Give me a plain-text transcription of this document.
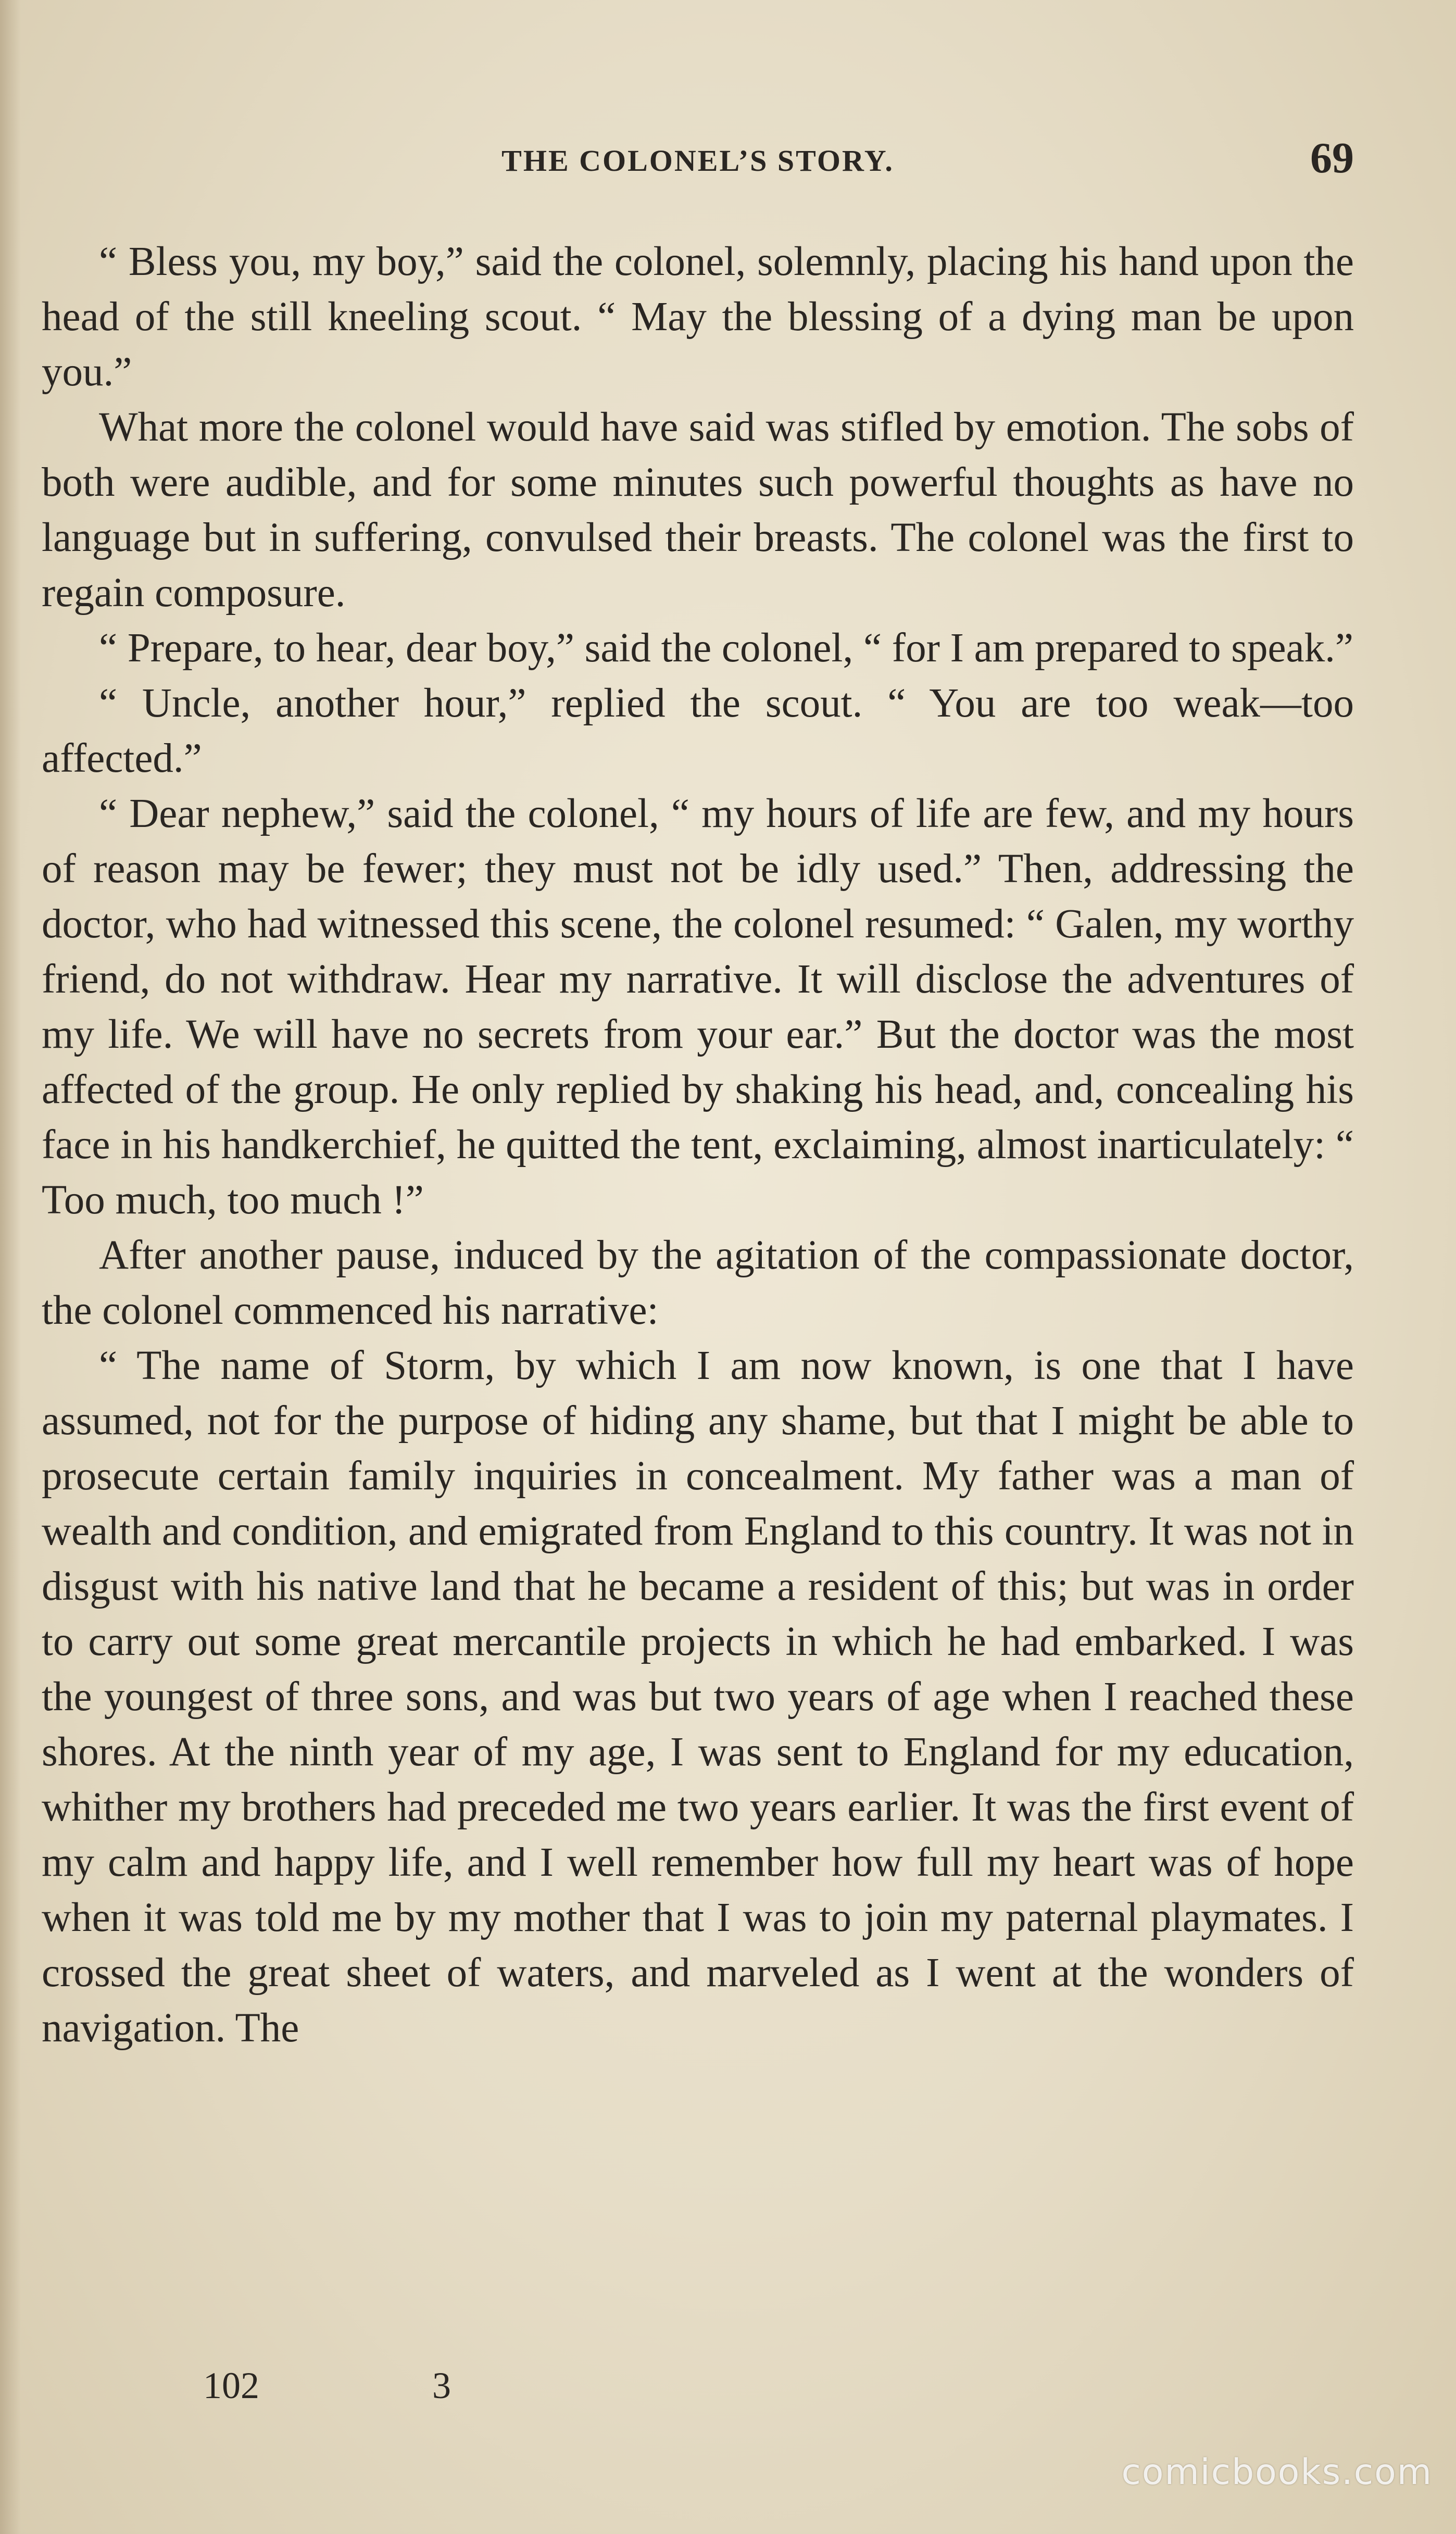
THE COLONEL’S STORY.	69

“ Bless you, my boy,” said the colonel, solemnly, placing his hand upon the head of the still kneeling scout. “ May the blessing of a dying man be upon you.”

What more the colonel would have said was stifled by emotion. The sobs of both were audible, and for some minutes such powerful thoughts as have no language but in suffering, convulsed their breasts. The colonel was the first to regain composure.

“ Prepare, to hear, dear boy,” said the colonel, “ for I am prepared to speak.”

“ Uncle, another hour,” replied the scout. “ You are too weak—too affected.”

“ Dear nephew,” said the colonel, “ my hours of life are few, and my hours of reason may be fewer; they must not be idly used.” Then, addressing the doctor, who had witnessed this scene, the colonel resumed: “ Galen, my worthy friend, do not withdraw. Hear my narrative. It will disclose the adventures of my life. We will have no secrets from your ear.” But the doctor was the most affected of the group. He only replied by shaking his head, and, concealing his face in his handkerchief, he quitted the tent, exclaiming, almost inarticulately: “ Too much, too much !”

After another pause, induced by the agitation of the compassionate doctor, the colonel commenced his narrative:

“ The name of Storm, by which I am now known, is one that I have assumed, not for the purpose of hiding any shame, but that I might be able to prosecute certain family inquiries in concealment. My father was a man of wealth and condition, and emigrated from England to this country. It was not in disgust with his native land that he became a resident of this; but was in order to carry out some great mercantile projects in which he had embarked. I was the youngest of three sons, and was but two years of age when I reached these shores. At the ninth year of my age, I was sent to England for my education, whither my brothers had preceded me two years earlier. It was the first event of my calm and happy life, and I well remember how full my heart was of hope when it was told me by my mother that I was to join my paternal playmates. I crossed the great sheet of waters, and marveled as I went at the wonders of navigation. The

102	3
comicbooks.com
